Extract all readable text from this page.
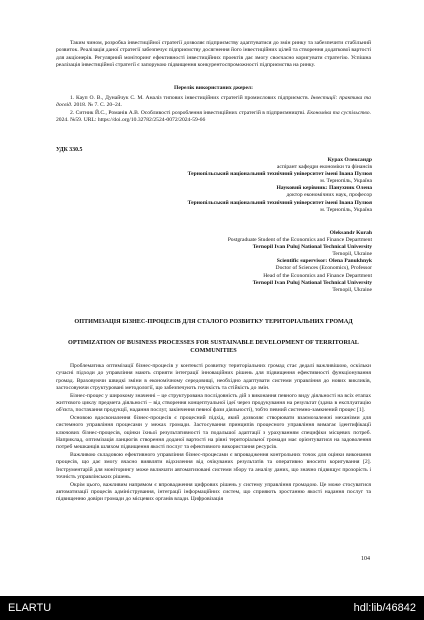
Таким чином, розробка інвестиційної стратегії дозволяє підприємству адаптуватися до змін ринку та забезпечити стабільний розвиток. Реалізація даної стратегії забезпечує підприємству досягнення його інвестиційних цілей та створення додаткової вартості для акціонерів. Регулярний моніторинг ефективності інвестиційних проектів дає змогу своєчасно коригувати стратегію. Успішна реалізація інвестиційної стратегії є запорукою підвищення конкурентоспроможності підприємства на ринку.

Перелік використаних джерел:
1. Кауп О. В., Дунайчук С. М. Аналіз типових інвестиційних стратегій промислових підприємств. Інвестиції: практика та досвід. 2018. № 7. С. 20–24.
2. Ситник Й.С., Романів А.В. Особливості розроблення інвестиційних стратегій в підприємництві. Економіка та суспільство. 2024. №59. URL: https://doi.org/10.32782/2524-0072/2024-59-66
УДК 330.5
Курах Олександр
аспірант кафедри економіки та фінансів
Тернопільський національний технічний університет імені Івана Пулюя
м. Тернопіль, Україна
Науковий керівник: Панухник Олена
доктор економічних наук, професор
Тернопільський національний технічний університет імені Івана Пулюя
м. Тернопіль, Україна
Oleksandr Kurah
Postgraduate Student of the Economics and Finance Department
Ternopil Ivan Puluj National Technical University
Ternopil, Ukraine
Scientific supervisor: Olena Panukhnyk
Doctor of Sciences (Economics), Professor
Head of the Economics and Finance Department
Ternopil Ivan Puluj National Technical University
Ternopil, Ukraine
ОПТИМІЗАЦІЯ БІЗНЕС-ПРОЦЕСІВ ДЛЯ СТАЛОГО РОЗВИТКУ ТЕРИТОРІАЛЬНИХ ГРОМАД
OPTIMIZATION OF BUSINESS PROCESSES FOR SUSTAINABLE DEVELOPMENT OF TERRITORIAL COMMUNITIES

Проблематика оптимізації бізнес-процесів у контексті розвитку територіальних громад стає дедалі важливішою, оскільки сучасні підходи до управління мають сприяти інтеграції інноваційних рішень для підвищення ефективності функціонування громад. Враховуючи швидкі зміни в економічному середовищі, необхідно адаптувати системи управління до нових викликів, застосовуючи структуровані методології, що забезпечують гнучкість та стійкість до змін.

Бізнес-процес у широкому значенні – це структурована послідовність дій з виконання певного виду діяльності на всіх етапах життєвого циклу предмета діяльності – від створення концептуальної ідеї через продукування на результат (здача в експлуатацію об'єкта, постачання продукції, надання послуг, закінчення певної фази діяльності), тобто певний системно-замкнений процес [1].

Основою вдосконалення бізнес-процесів є процесний підхід, який дозволяє створювати взаємозалежні механізми для системного управління процесами у межах громади. Застосування принципів процесного управління вимагає ідентифікації ключових бізнес-процесів, оцінки їхньої результативності та подальшої адаптації з урахуванням специфіки місцевих потреб. Наприклад, оптимізація ланцюгів створення доданої вартості на рівні територіальної громади має орієнтуватися на задоволення потреб мешканців шляхом підвищення якості послуг та ефективного використання ресурсів.

Важливою складовою ефективного управління бізнес-процесами є впровадження контрольних точок для оцінки виконання процесів, що дає змогу вчасно виявляти відхилення від очікуваних результатів та оперативно вносити коригування [2]. Інструментарій для моніторингу може включати автоматизовані системи збору та аналізу даних, що значно підвищує прозорість і точність управлінських рішень.

Окрім цього, важливим напрямом є впровадження цифрових рішень у систему управління громадою. Це може стосуватися автоматизації процесів адміністрування, інтеграції інформаційних систем, що сприяють зростанню якості надання послуг та підвищенню довіри громади до місцевих органів влади. Цифровізація

104
ELARTU	hdl:lib/46842
